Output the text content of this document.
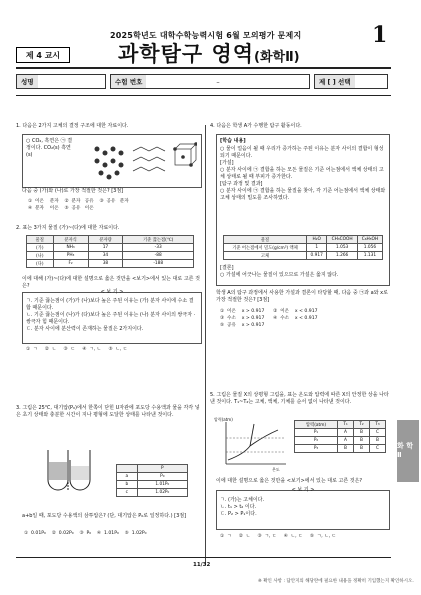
2025학년도 대학수학능력시험 6월 모의평가 문제지	1
제 4 교시	과학탐구 영역(화학Ⅱ)
성명	수험 번호	–	제 [ ] 선택
1. 다음은 2가지 고체의 결정 구조에 대한 자료이다.
○ CO₂, 흑연은 ㉠ 결정이다. CO₂(s) 흑연(s)
다음 중 (가)와 (나)로 가장 적절한 것은? [3점]
①  이온    분자    ②  분자   공유    ③  공유   분자
④  분자    이온    ⑤  공유   이온
2. 표는 3가지 물질 (가)~(다)에 대한 자료이다.
물질	분자식	분자량	기준 끓는점(℃)
(가)	NH₃	17	-33
(나)	PH₃	34	-88
(다)	F₂	38	-188
이에 대해 (가)~(다)에 대한 설명으로 옳은 것만을 <보기>에서 있는 대로 고른 것은?
< 보 기 >
ㄱ. 기준 끓는점이 (가)가 (나)보다 높은 주된 이유는 (가) 분자 사이에 수소 결합 때문이다.
ㄴ. 기준 끓는점이 (나)가 (다)보다 높은 주된 이유는 (나) 분자 사이의 쌍극자 · 쌍극자 힘 때문이다.
ㄷ. 분자 사이에 분산력이 존재하는 물질은 2가지이다.
①  ㄱ     ②  ㄴ     ③  ㄷ     ④  ㄱ, ㄴ     ⑤  ㄴ, ㄷ
3. 그림은 25℃, 대기압(P₀)에서 한쪽이 닫힌 U자관에 포도당 수용액과 물을 각각 넣은 초기 상태와 충분한 시간이 지나 평형에 도달한 상태를 나타낸 것이다.
	P
a	P₀
b	1.01P₀
c	1.02P₀
a+b일 때, 포도당 수용액의 삼투압은? (단, 대기압은 P₀로 일정하다.) [3점]
①  0.01P₀    ②  0.02P₀    ③  P₀    ④  1.01P₀    ⑤  1.02P₀
4. 다음은 학생 A가 수행한 탐구 활동이다.
[학습 내용]
○ 물이 얼음이 될 때 우리가 증가하는 주된 이유는 분자 사이의 결합이 형성되기 때문이다.
[가설]
○ 분자 사이에 ㉠ 결합을 하는 모든 물질은 기준 어는점에서 액체 상태의 고체 상태로 될 때 부피가 증가한다.
[탐구 과정 및 결과]
○ 분자 사이에 ㉠ 결합을 하는 물질을 찾아, 각 기준 어는점에서 액체 상태와 고체 상태의 밀도를 조사하였다.
물질	H₂O	CH₃COOH	C₆H₅OH
기준 어는점에서 밀도(g/cm³) 액체	1	1.053	1.056
고체	0.917	1.266	1.131
[결론]
○ 가설에 어긋나는 물질이 있으므로 가설은 옳지 않다.
학생 A의 탐구 과정에서 사용한 가설과 결론이 타당할 때, 다음 중 ㉠과 a와 x로 가장 적절한 것은? [3점]
①  이온    x > 0.917      ②  이온    x < 0.917
③  수소    x > 0.917      ④  수소    x < 0.917
⑤  공유    x > 0.917
5. 그림은 물질 X의 상평형 그림을, 표는 온도와 압력에 따른 X의 안정한 상을 나타낸 것이다. T₁~T₂는 고체, 액체, 기체를 순서 없이 나타낸 것이다.
압력(atm)
온도
압력(atm)	T₁	T₂	T₃
P₁	A	B	C
P₂	A	B	B
P₃	B	B	C
이에 대한 설명으로 옳은 것만을 <보기>에서 있는 대로 고른 것은?
< 보 기 >
ㄱ. (가)는 고체이다.
ㄴ. t₁ > t₂ 이다.
ㄷ. P₂ > P₁이다.
①  ㄱ     ②  ㄴ     ③  ㄱ, ㄷ     ④  ㄴ, ㄷ     ⑤  ㄱ, ㄴ, ㄷ
화 학 Ⅱ
11/32
※ 확인 사항 : 답안지의 해당란에 필요한 내용을 정확히 기입했는지 확인하시오.
